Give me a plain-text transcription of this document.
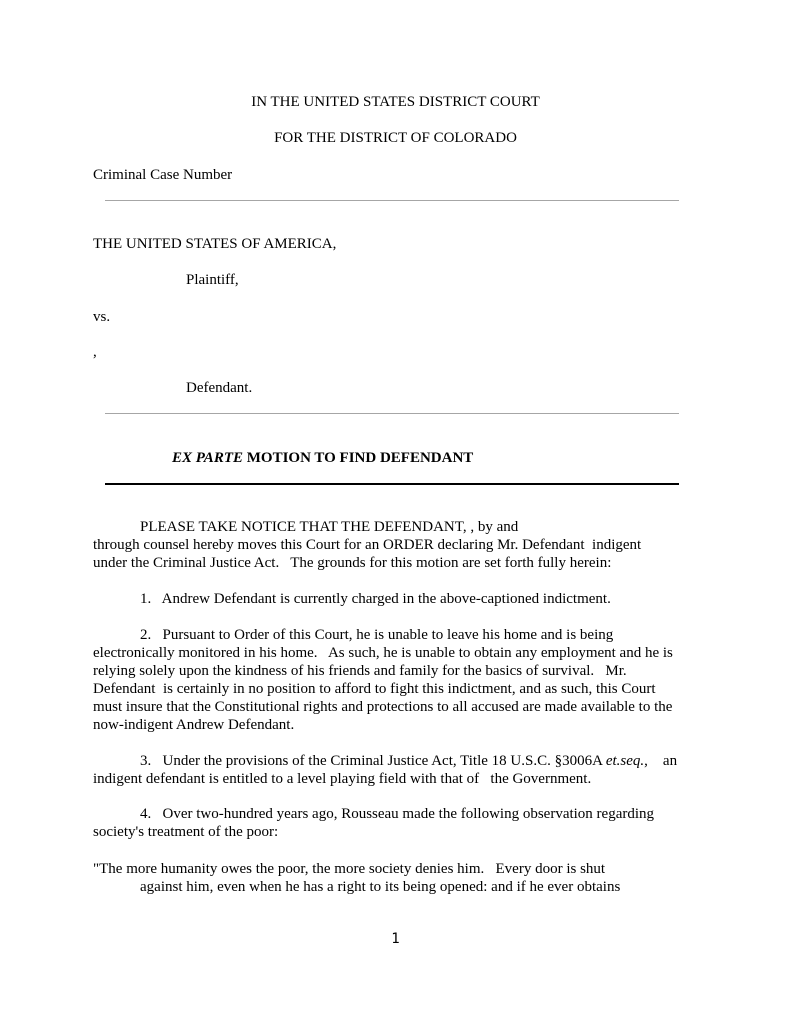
IN THE UNITED STATES DISTRICT COURT
FOR THE DISTRICT OF COLORADO
Criminal Case Number
THE UNITED STATES OF AMERICA,
Plaintiff,
vs.
,
Defendant.
EX PARTE MOTION TO FIND DEFENDANT
PLEASE TAKE NOTICE THAT THE DEFENDANT, , by and
through counsel hereby moves this Court for an ORDER declaring Mr. Defendant  indigent
under the Criminal Justice Act.   The grounds for this motion are set forth fully herein:
1.   Andrew Defendant is currently charged in the above-captioned indictment.
2.   Pursuant to Order of this Court, he is unable to leave his home and is being
electronically monitored in his home.   As such, he is unable to obtain any employment and he is
relying solely upon the kindness of his friends and family for the basics of survival.   Mr.
Defendant  is certainly in no position to afford to fight this indictment, and as such, this Court
must insure that the Constitutional rights and protections to all accused are made available to the
now-indigent Andrew Defendant.
3.   Under the provisions of the Criminal Justice Act, Title 18 U.S.C. §3006A et.seq.,    an
indigent defendant is entitled to a level playing field with that of   the Government.
4.   Over two-hundred years ago, Rousseau made the following observation regarding
society's treatment of the poor:
"The more humanity owes the poor, the more society denies him.   Every door is shut
against him, even when he has a right to its being opened: and if he ever obtains
1
